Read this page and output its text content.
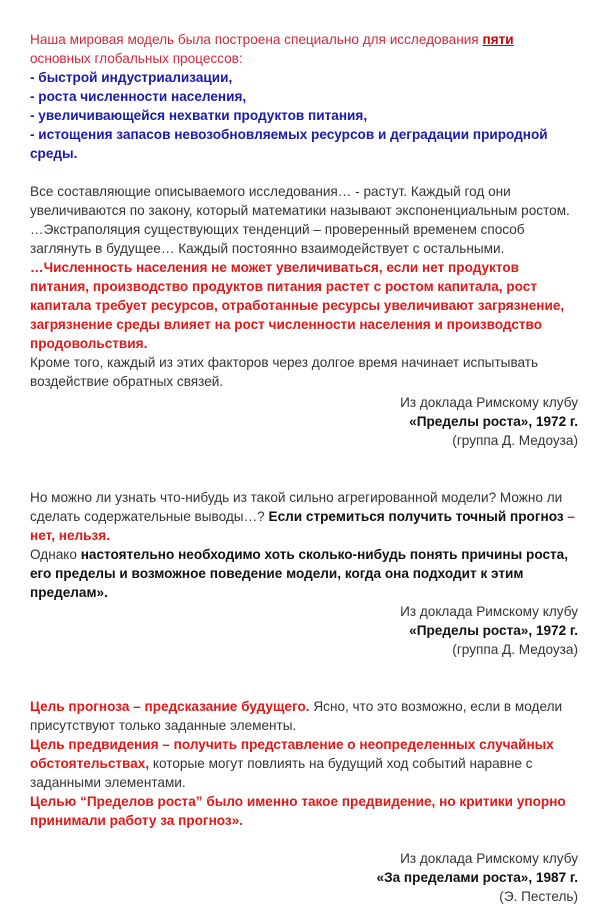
Наша мировая модель была построена специально для исследования пяти
основных глобальных процессов:

- быстрой индустриализации,

- роста численности населения,

- увеличивающейся нехватки продуктов питания,

- истощения запасов невозобновляемых ресурсов и деградации природной среды.

Все составляющие описываемого исследования… - растут. Каждый год они увеличиваются по закону, который математики называют экспоненциальным ростом. …Экстраполяция существующих тенденций – проверенный временем способ заглянуть в будущее… Каждый постоянно взаимодействует с остальными.

…Численность населения не может увеличиваться, если нет продуктов питания, производство продуктов питания растет с ростом капитала, рост капитала требует ресурсов, отработанные ресурсы увеличивают загрязнение, загрязнение среды влияет на рост численности населения и производство продовольствия.

Кроме того, каждый из этих факторов через долгое время начинает испытывать воздействие обратных связей.

Из доклада Римскому клубу

«Пределы роста», 1972 г.

(группа Д. Медоуза)

Но можно ли узнать что-нибудь из такой сильно агрегированной модели? Можно ли сделать содержательные выводы…? Если стремиться получить точный прогноз – нет, нельзя.

Однако настоятельно необходимо хоть сколько-нибудь понять причины роста, его пределы и возможное поведение модели, когда она подходит к этим пределам».

Из доклада Римскому клубу

«Пределы роста», 1972 г.

(группа Д. Медоуза)

Цель прогноза – предсказание будущего. Ясно, что это возможно, если в модели присутствуют только заданные элементы.

Цель предвидения – получить представление о неопределенных случайных обстоятельствах, которые могут повлиять на будущий ход событий наравне с заданными элементами.

Целью “Пределов роста” было именно такое предвидение, но критики упорно принимали работу за прогноз».

Из доклада Римскому клубу

«За пределами роста», 1987 г.

(Э. Пестель)
